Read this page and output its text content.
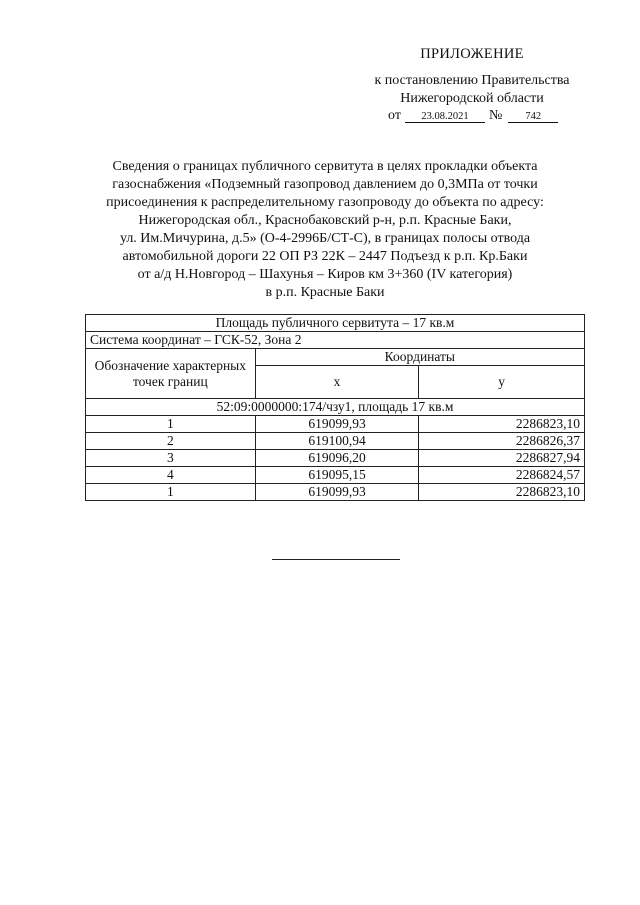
ПРИЛОЖЕНИЕ
к постановлению Правительства
Нижегородской области
от 23.08.2021 № 742
Сведения о границах публичного сервитута в целях прокладки объекта
газоснабжения «Подземный газопровод давлением до 0,3МПа от точки
присоединения к распределительному газопроводу до объекта по адресу:
Нижегородская обл., Краснобаковский р-н, р.п. Красные Баки,
ул. Им.Мичурина, д.5» (О-4-2996Б/СТ-С), в границах полосы отвода
автомобильной дороги 22 ОП РЗ 22К – 2447 Подъезд к р.п. Кр.Баки
от а/д Н.Новгород – Шахунья – Киров км 3+360 (IV категория)
в р.п. Красные Баки
Площадь публичного сервитута – 17 кв.м		
Система координат – ГСК-52, Зона 2		
Обозначение характерных точек границ	Координаты	
	x	y
52:09:0000000:174/чзу1, площадь 17 кв.м		
1	619099,93	2286823,10
2	619100,94	2286826,37
3	619096,20	2286827,94
4	619095,15	2286824,57
1	619099,93	2286823,10
